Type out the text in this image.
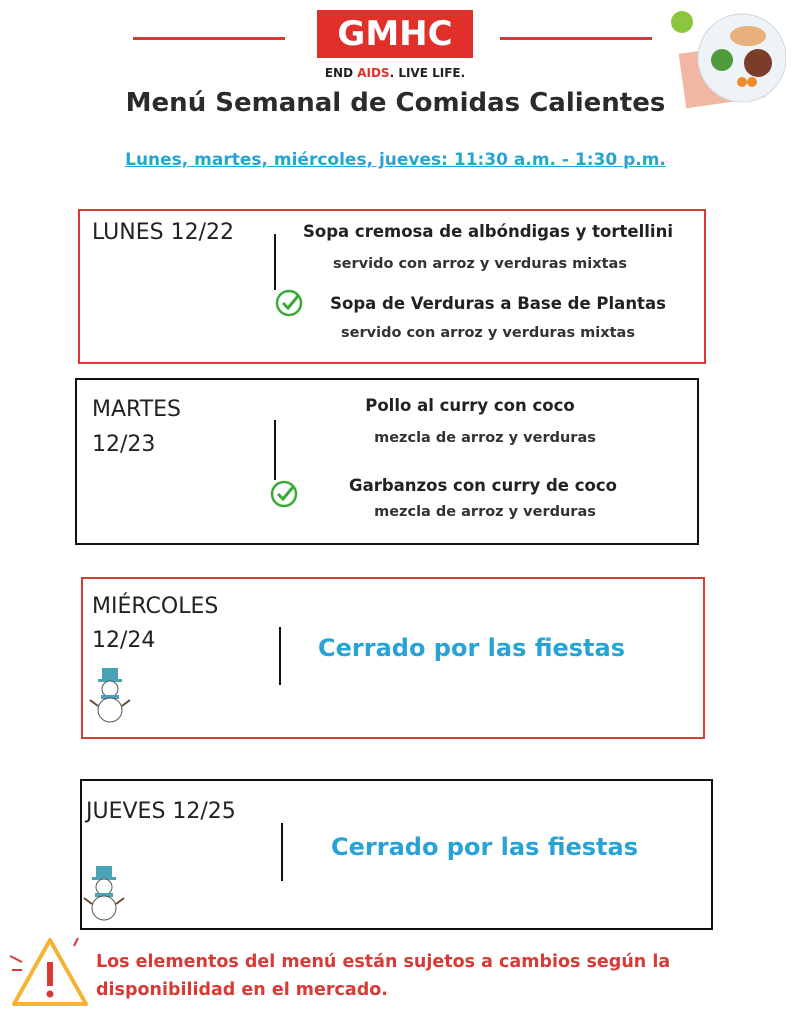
GMHC
END AIDS. LIVE LIFE.
Menú Semanal de Comidas Calientes
Lunes, martes, miércoles, jueves: 11:30 a.m. - 1:30 p.m.
LUNES 12/22	Sopa cremosa de albóndigas y tortellini
servido con arroz y verduras mixtas
Sopa de Verduras a Base de Plantas
servido con arroz y verduras mixtas
MARTES
12/23
Pollo al curry con coco
mezcla de arroz y verduras
Garbanzos con curry de coco
mezcla de arroz y verduras
MIÉRCOLES
12/24	Cerrado por las fiestas
JUEVES 12/25
Cerrado por las fiestas
Los elementos del menú están sujetos a cambios según la disponibilidad en el mercado.
